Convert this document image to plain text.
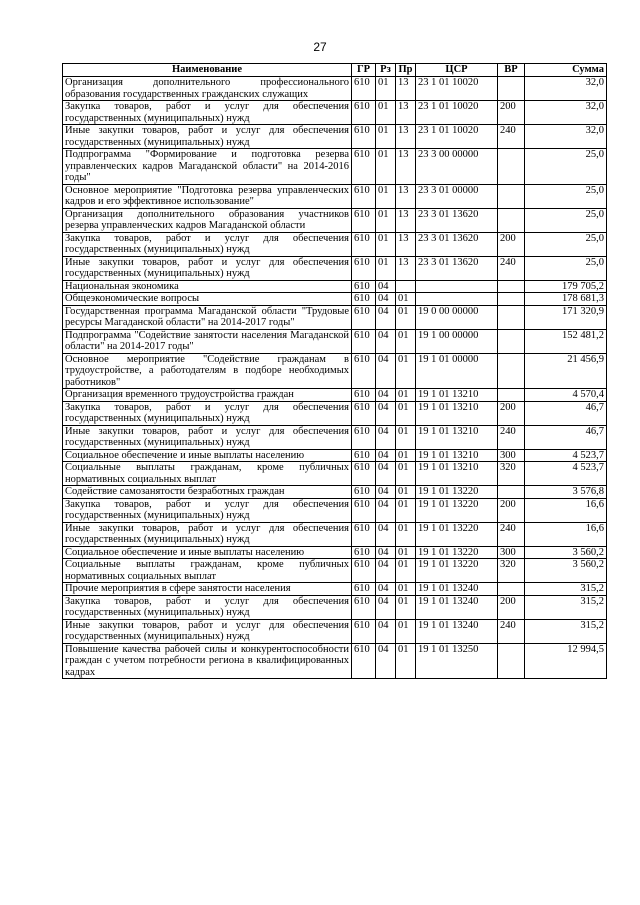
27
Наименование	ГР	Рз	Пр	ЦСР	ВР	Сумма
Организация дополнительного профессионального образования государственных гражданских служащих	610	01	13	23 1 01 10020		32,0
Закупка товаров, работ и услуг для обеспечения государственных (муниципальных) нужд	610	01	13	23 1 01 10020	200	32,0
Иные закупки товаров, работ и услуг для обеспечения государственных (муниципальных) нужд	610	01	13	23 1 01 10020	240	32,0
Подпрограмма "Формирование и подготовка резерва управленческих кадров Магаданской области" на 2014-2016 годы"	610	01	13	23 3 00 00000		25,0
Основное мероприятие "Подготовка резерва управленческих кадров и его эффективное использование"	610	01	13	23 3 01 00000		25,0
Организация дополнительного образования участников резерва управленческих кадров Магаданской области	610	01	13	23 3 01 13620		25,0
Закупка товаров, работ и услуг для обеспечения государственных (муниципальных) нужд	610	01	13	23 3 01 13620	200	25,0
Иные закупки товаров, работ и услуг для обеспечения государственных (муниципальных) нужд	610	01	13	23 3 01 13620	240	25,0
Национальная экономика	610	04				179 705,2
Общеэкономические вопросы	610	04	01			178 681,3
Государственная программа Магаданской области "Трудовые ресурсы Магаданской области" на 2014-2017 годы"	610	04	01	19 0 00 00000		171 320,9
Подпрограмма "Содействие занятости населения Магаданской области" на 2014-2017 годы"	610	04	01	19 1 00 00000		152 481,2
Основное мероприятие "Содействие гражданам в трудоустройстве, а работодателям в подборе необходимых работников"	610	04	01	19 1 01 00000		21 456,9
Организация временного трудоустройства граждан	610	04	01	19 1 01 13210		4 570,4
Закупка товаров, работ и услуг для обеспечения государственных (муниципальных) нужд	610	04	01	19 1 01 13210	200	46,7
Иные закупки товаров, работ и услуг для обеспечения государственных (муниципальных) нужд	610	04	01	19 1 01 13210	240	46,7
Социальное обеспечение и иные выплаты населению	610	04	01	19 1 01 13210	300	4 523,7
Социальные выплаты гражданам, кроме публичных нормативных социальных выплат	610	04	01	19 1 01 13210	320	4 523,7
Содействие самозанятости безработных граждан	610	04	01	19 1 01 13220		3 576,8
Закупка товаров, работ и услуг для обеспечения государственных (муниципальных) нужд	610	04	01	19 1 01 13220	200	16,6
Иные закупки товаров, работ и услуг для обеспечения государственных (муниципальных) нужд	610	04	01	19 1 01 13220	240	16,6
Социальное обеспечение и иные выплаты населению	610	04	01	19 1 01 13220	300	3 560,2
Социальные выплаты гражданам, кроме публичных нормативных социальных выплат	610	04	01	19 1 01 13220	320	3 560,2
Прочие мероприятия в сфере занятости населения	610	04	01	19 1 01 13240		315,2
Закупка товаров, работ и услуг для обеспечения государственных (муниципальных) нужд	610	04	01	19 1 01 13240	200	315,2
Иные закупки товаров, работ и услуг для обеспечения государственных (муниципальных) нужд	610	04	01	19 1 01 13240	240	315,2
Повышение качества рабочей силы и конкурентоспособности граждан с учетом потребности региона в квалифицированных кадрах	610	04	01	19 1 01 13250		12 994,5
